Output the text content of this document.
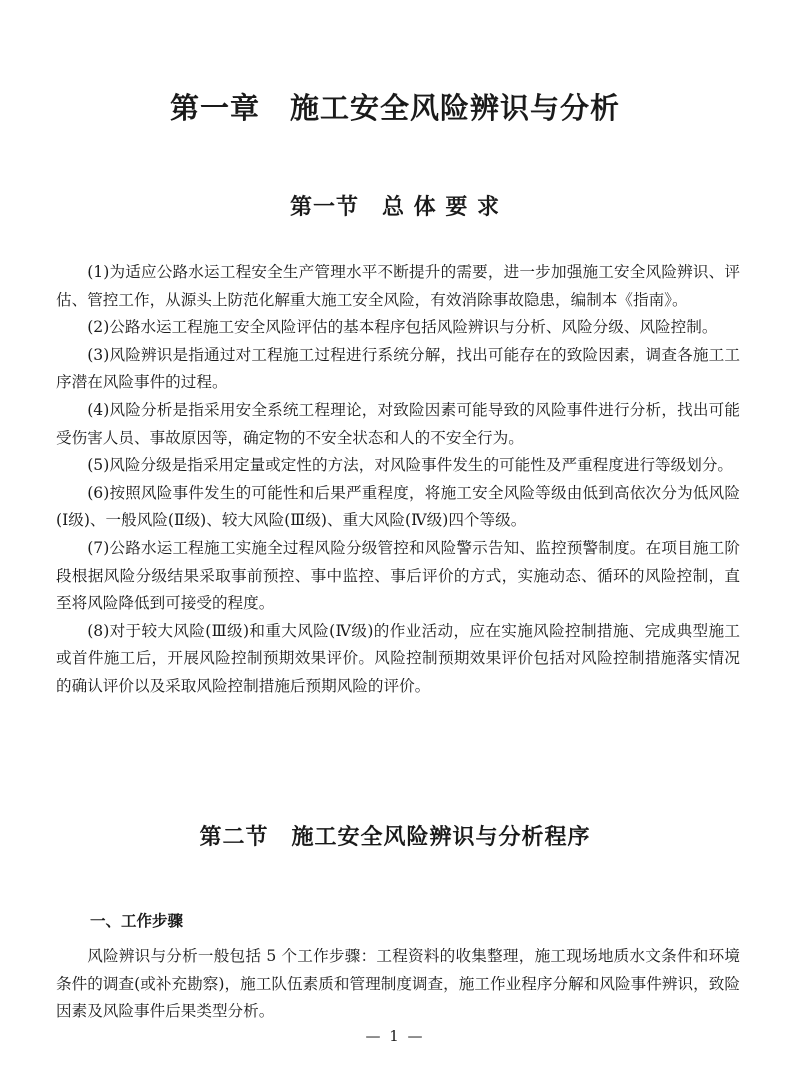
第一章　施工安全风险辨识与分析
第一节　总 体 要 求

(1)为适应公路水运工程安全生产管理水平不断提升的需要，进一步加强施工安全风险辨识、评估、管控工作，从源头上防范化解重大施工安全风险，有效消除事故隐患，编制本《指南》。

(2)公路水运工程施工安全风险评估的基本程序包括风险辨识与分析、风险分级、风险控制。

(3)风险辨识是指通过对工程施工过程进行系统分解，找出可能存在的致险因素，调查各施工工序潜在风险事件的过程。

(4)风险分析是指采用安全系统工程理论，对致险因素可能导致的风险事件进行分析，找出可能受伤害人员、事故原因等，确定物的不安全状态和人的不安全行为。

(5)风险分级是指采用定量或定性的方法，对风险事件发生的可能性及严重程度进行等级划分。

(6)按照风险事件发生的可能性和后果严重程度，将施工安全风险等级由低到高依次分为低风险(Ⅰ级)、一般风险(Ⅱ级)、较大风险(Ⅲ级)、重大风险(Ⅳ级)四个等级。

(7)公路水运工程施工实施全过程风险分级管控和风险警示告知、监控预警制度。在项目施工阶段根据风险分级结果采取事前预控、事中监控、事后评价的方式，实施动态、循环的风险控制，直至将风险降低到可接受的程度。

(8)对于较大风险(Ⅲ级)和重大风险(Ⅳ级)的作业活动，应在实施风险控制措施、完成典型施工或首件施工后，开展风险控制预期效果评价。风险控制预期效果评价包括对风险控制措施落实情况的确认评价以及采取风险控制措施后预期风险的评价。

第二节　施工安全风险辨识与分析程序
一、工作步骤

风险辨识与分析一般包括 5 个工作步骤：工程资料的收集整理，施工现场地质水文条件和环境条件的调查(或补充勘察)，施工队伍素质和管理制度调查，施工作业程序分解和风险事件辨识，致险因素及风险事件后果类型分析。

— 1 —
